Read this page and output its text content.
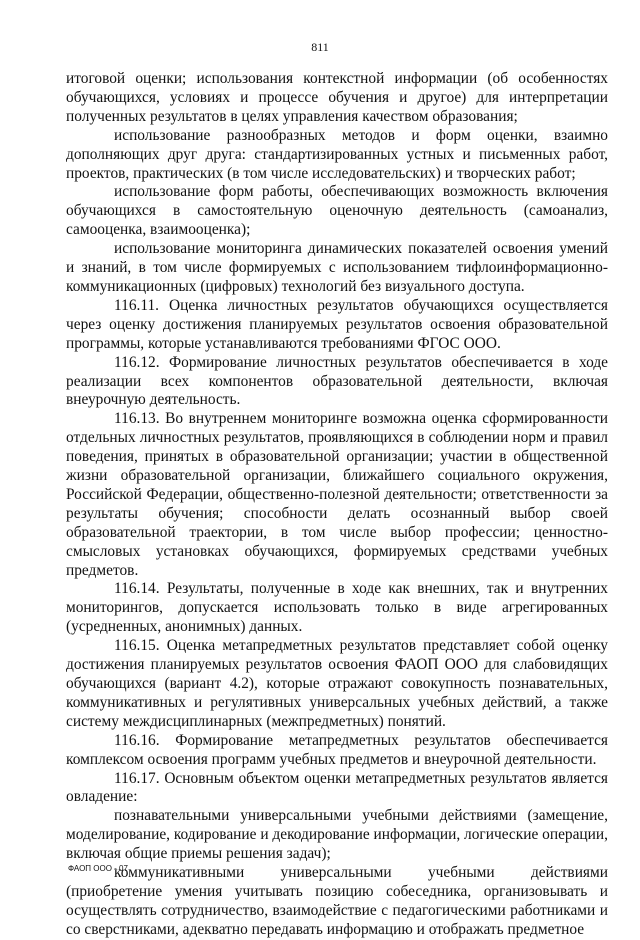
811

итоговой оценки; использования контекстной информации (об особенностях обучающихся, условиях и процессе обучения и другое) для интерпретации полученных результатов в целях управления качеством образования;

использование разнообразных методов и форм оценки, взаимно дополняющих друг друга: стандартизированных устных и письменных работ, проектов, практических (в том числе исследовательских) и творческих работ;

использование форм работы, обеспечивающих возможность включения обучающихся в самостоятельную оценочную деятельность (самоанализ, самооценка, взаимооценка);

использование мониторинга динамических показателей освоения умений и знаний, в том числе формируемых с использованием тифлоинформационно-коммуникационных (цифровых) технологий без визуального доступа.

116.11. Оценка личностных результатов обучающихся осуществляется через оценку достижения планируемых результатов освоения образовательной программы, которые устанавливаются требованиями ФГОС ООО.

116.12. Формирование личностных результатов обеспечивается в ходе реализации всех компонентов образовательной деятельности, включая внеурочную деятельность.

116.13. Во внутреннем мониторинге возможна оценка сформированности отдельных личностных результатов, проявляющихся в соблюдении норм и правил поведения, принятых в образовательной организации; участии в общественной жизни образовательной организации, ближайшего социального окружения, Российской Федерации, общественно-полезной деятельности; ответственности за результаты обучения; способности делать осознанный выбор своей образовательной траектории, в том числе выбор профессии; ценностно-смысловых установках обучающихся, формируемых средствами учебных предметов.

116.14. Результаты, полученные в ходе как внешних, так и внутренних мониторингов, допускается использовать только в виде агрегированных (усредненных, анонимных) данных.

116.15. Оценка метапредметных результатов представляет собой оценку достижения планируемых результатов освоения ФАОП ООО для слабовидящих обучающихся (вариант 4.2), которые отражают совокупность познавательных, коммуникативных и регулятивных универсальных учебных действий, а также систему междисциплинарных (межпредметных) понятий.

116.16. Формирование метапредметных результатов обеспечивается комплексом освоения программ учебных предметов и внеурочной деятельности.

116.17. Основным объектом оценки метапредметных результатов является овладение:

познавательными универсальными учебными действиями (замещение, моделирование, кодирование и декодирование информации, логические операции, включая общие приемы решения задач);

коммуникативными универсальными учебными действиями (приобретение умения учитывать позицию собеседника, организовывать и осуществлять сотрудничество, взаимодействие с педагогическими работниками и со сверстниками, адекватно передавать информацию и отображать предметное

ФАОП ООО - 07
